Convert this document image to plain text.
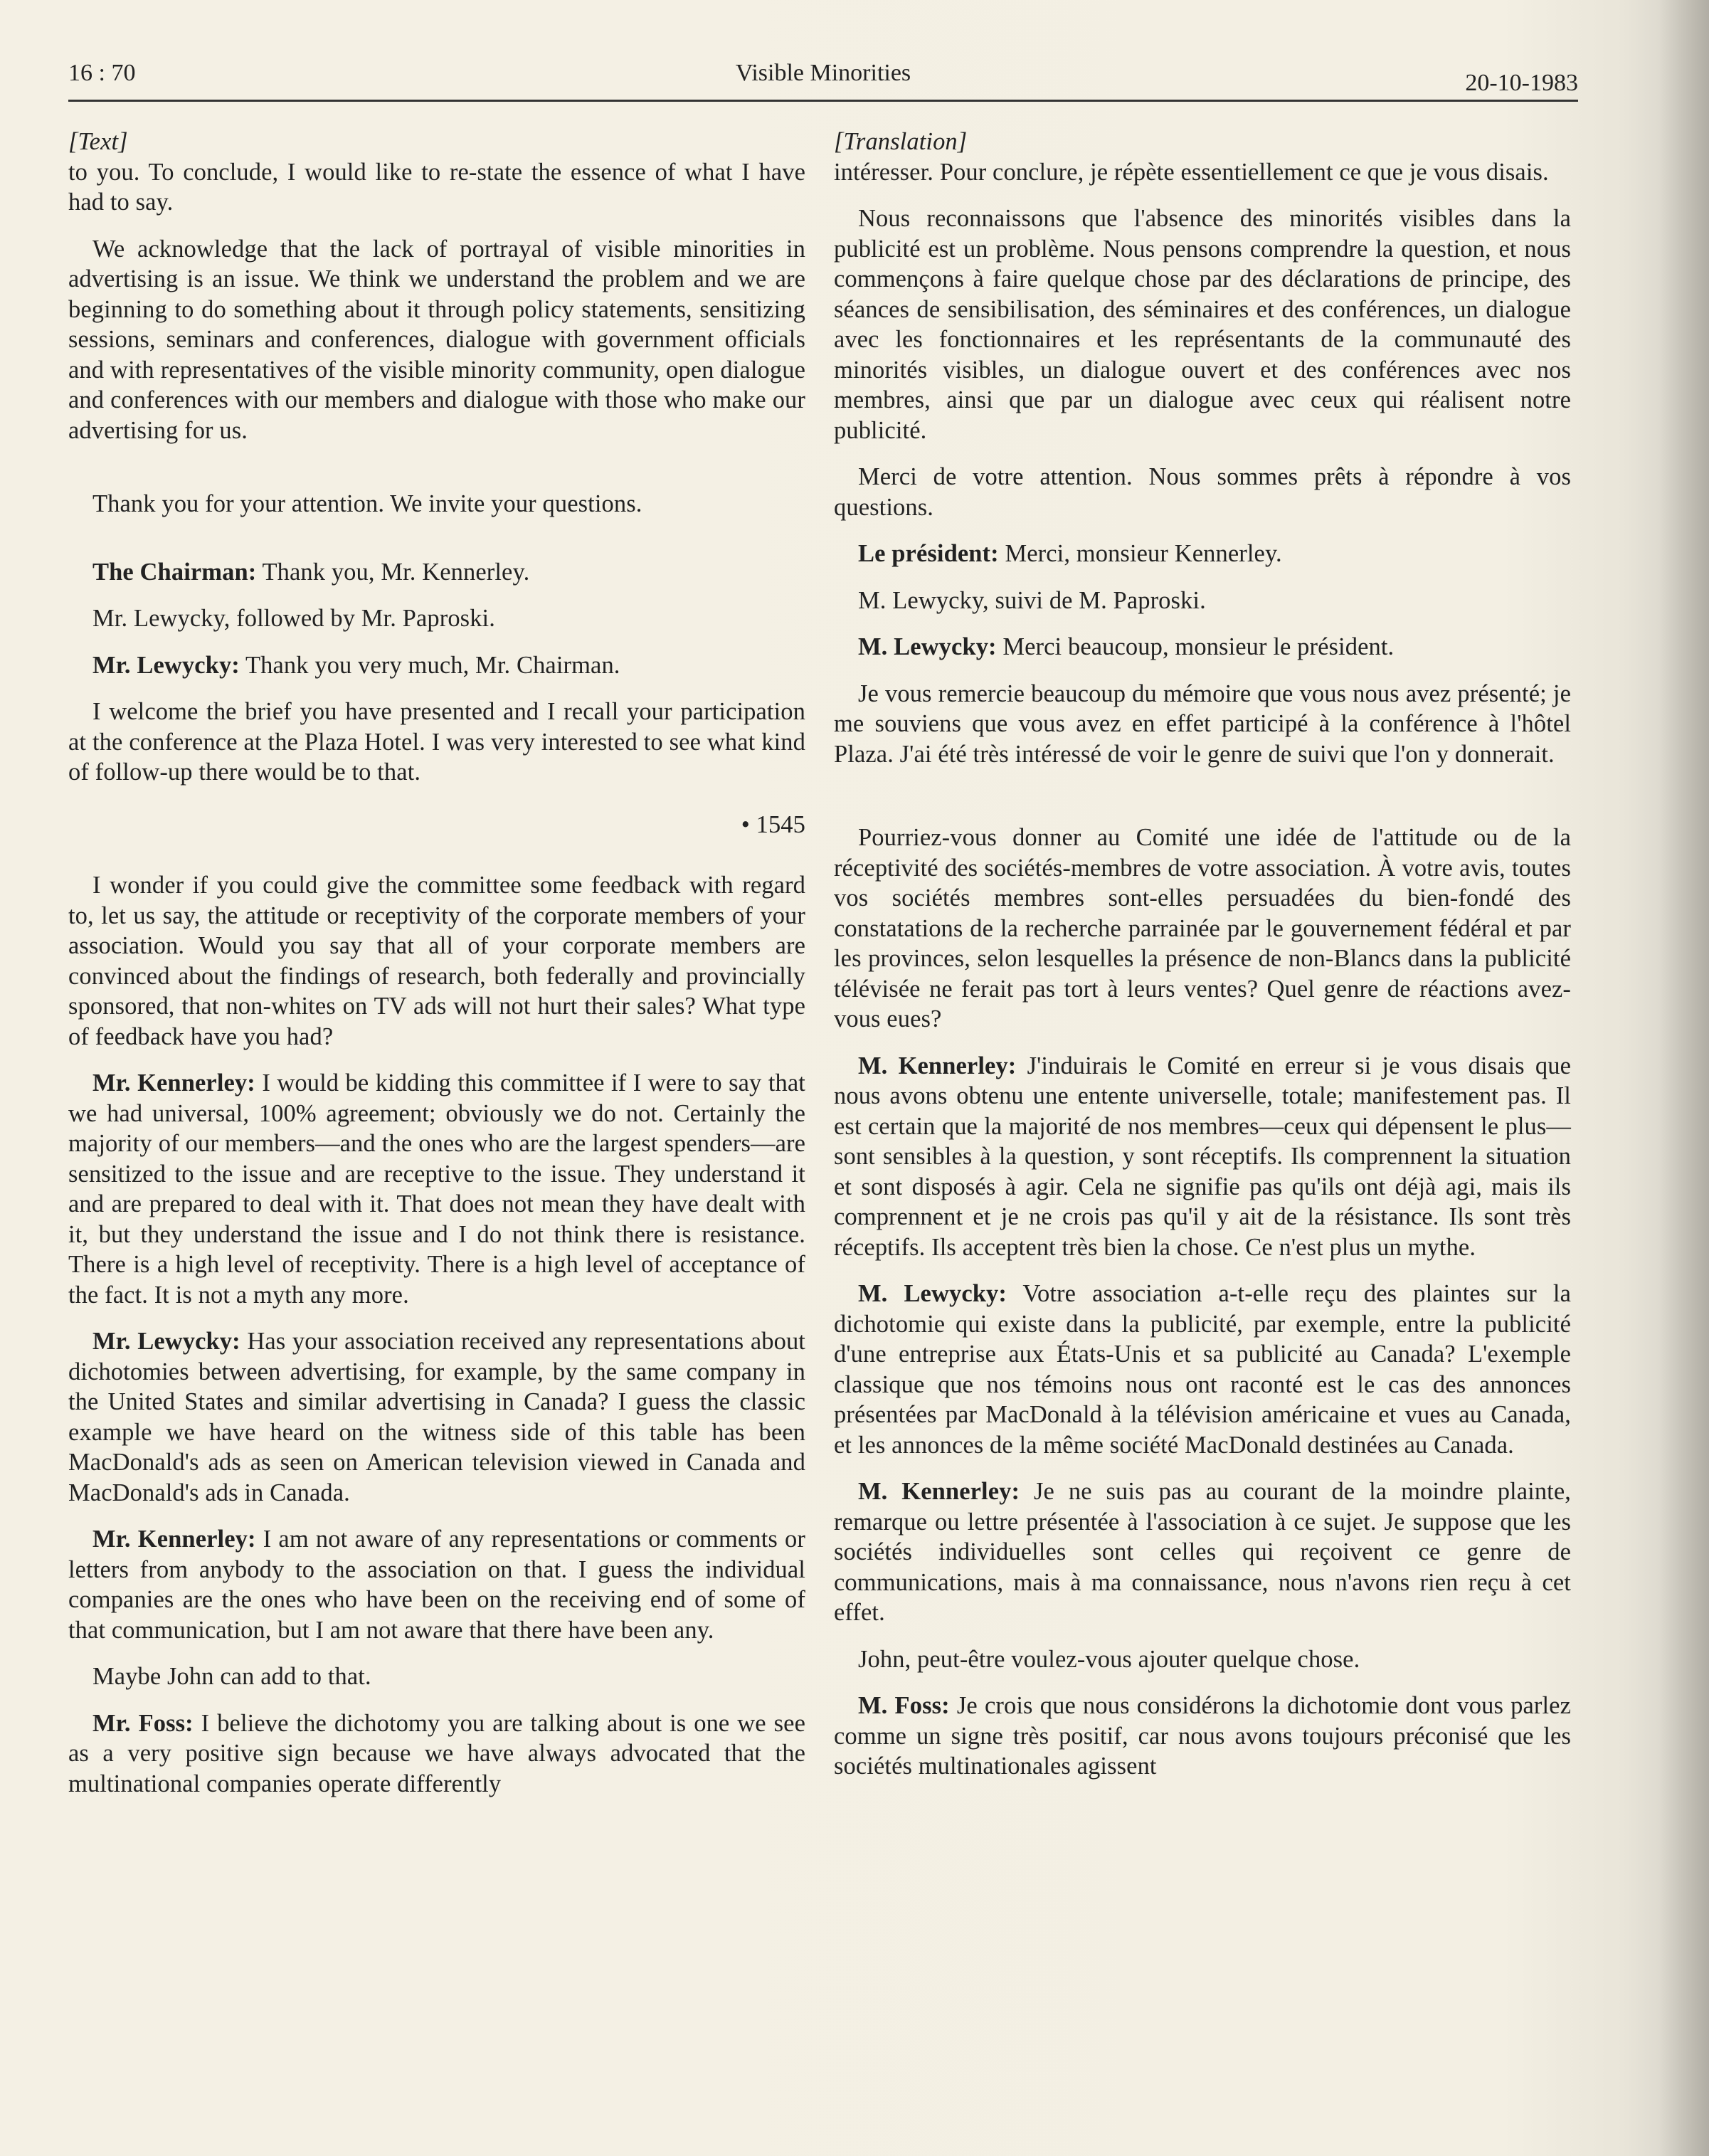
16 : 70	Visible Minorities	20-10-1983

[Text]

to you. To conclude, I would like to re-state the essence of what I have had to say.

We acknowledge that the lack of portrayal of visible minorities in advertising is an issue. We think we understand the problem and we are beginning to do something about it through policy statements, sensitizing sessions, seminars and conferences, dialogue with government officials and with representatives of the visible minority community, open dialogue and conferences with our members and dialogue with those who make our advertising for us.

Thank you for your attention. We invite your questions.

The Chairman: Thank you, Mr. Kennerley.

Mr. Lewycky, followed by Mr. Paproski.

Mr. Lewycky: Thank you very much, Mr. Chairman.

I welcome the brief you have presented and I recall your participation at the conference at the Plaza Hotel. I was very interested to see what kind of follow-up there would be to that.

• 1545

I wonder if you could give the committee some feedback with regard to, let us say, the attitude or receptivity of the corporate members of your association. Would you say that all of your corporate members are convinced about the findings of research, both federally and provincially sponsored, that non-whites on TV ads will not hurt their sales? What type of feedback have you had?

Mr. Kennerley: I would be kidding this committee if I were to say that we had universal, 100% agreement; obviously we do not. Certainly the majority of our members—and the ones who are the largest spenders—are sensitized to the issue and are receptive to the issue. They understand it and are prepared to deal with it. That does not mean they have dealt with it, but they understand the issue and I do not think there is resistance. There is a high level of receptivity. There is a high level of acceptance of the fact. It is not a myth any more.

Mr. Lewycky: Has your association received any representations about dichotomies between advertising, for example, by the same company in the United States and similar advertising in Canada? I guess the classic example we have heard on the witness side of this table has been MacDonald's ads as seen on American television viewed in Canada and MacDonald's ads in Canada.

Mr. Kennerley: I am not aware of any representations or comments or letters from anybody to the association on that. I guess the individual companies are the ones who have been on the receiving end of some of that communication, but I am not aware that there have been any.

Maybe John can add to that.

Mr. Foss: I believe the dichotomy you are talking about is one we see as a very positive sign because we have always advocated that the multinational companies operate differently

[Translation]

intéresser. Pour conclure, je répète essentiellement ce que je vous disais.

Nous reconnaissons que l'absence des minorités visibles dans la publicité est un problème. Nous pensons comprendre la question, et nous commençons à faire quelque chose par des déclarations de principe, des séances de sensibilisation, des séminaires et des conférences, un dialogue avec les fonctionnaires et les représentants de la communauté des minorités visibles, un dialogue ouvert et des conférences avec nos membres, ainsi que par un dialogue avec ceux qui réalisent notre publicité.

Merci de votre attention. Nous sommes prêts à répondre à vos questions.

Le président: Merci, monsieur Kennerley.

M. Lewycky, suivi de M. Paproski.

M. Lewycky: Merci beaucoup, monsieur le président.

Je vous remercie beaucoup du mémoire que vous nous avez présenté; je me souviens que vous avez en effet participé à la conférence à l'hôtel Plaza. J'ai été très intéressé de voir le genre de suivi que l'on y donnerait.

Pourriez-vous donner au Comité une idée de l'attitude ou de la réceptivité des sociétés-membres de votre association. À votre avis, toutes vos sociétés membres sont-elles persuadées du bien-fondé des constatations de la recherche parrainée par le gouvernement fédéral et par les provinces, selon lesquelles la présence de non-Blancs dans la publicité télévisée ne ferait pas tort à leurs ventes? Quel genre de réactions avez-vous eues?

M. Kennerley: J'induirais le Comité en erreur si je vous disais que nous avons obtenu une entente universelle, totale; manifestement pas. Il est certain que la majorité de nos membres—ceux qui dépensent le plus—sont sensibles à la question, y sont réceptifs. Ils comprennent la situation et sont disposés à agir. Cela ne signifie pas qu'ils ont déjà agi, mais ils comprennent et je ne crois pas qu'il y ait de la résistance. Ils sont très réceptifs. Ils acceptent très bien la chose. Ce n'est plus un mythe.

M. Lewycky: Votre association a-t-elle reçu des plaintes sur la dichotomie qui existe dans la publicité, par exemple, entre la publicité d'une entreprise aux États-Unis et sa publicité au Canada? L'exemple classique que nos témoins nous ont raconté est le cas des annonces présentées par MacDonald à la télévision américaine et vues au Canada, et les annonces de la même société MacDonald destinées au Canada.

M. Kennerley: Je ne suis pas au courant de la moindre plainte, remarque ou lettre présentée à l'association à ce sujet. Je suppose que les sociétés individuelles sont celles qui reçoivent ce genre de communications, mais à ma connaissance, nous n'avons rien reçu à cet effet.

John, peut-être voulez-vous ajouter quelque chose.

M. Foss: Je crois que nous considérons la dichotomie dont vous parlez comme un signe très positif, car nous avons toujours préconisé que les sociétés multinationales agissent
